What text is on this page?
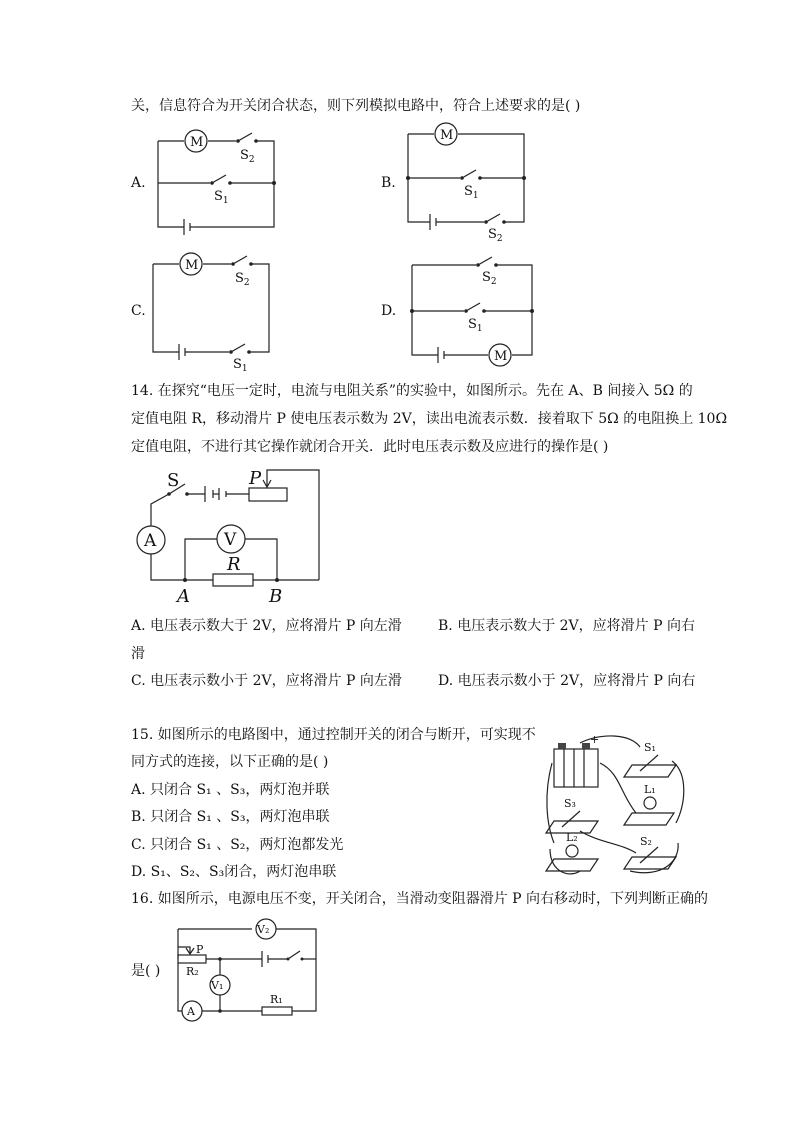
关，信息符合为开关闭合状态，则下列模拟电路中，符合上述要求的是( )
A.	B.
C.	D.
M
$S_2$
$S_1$
M
$S_2$
$S_1$
M
$S_2$
$S_1$
$S_2$
$S_1$
M
14. 在探究“电压一定时，电流与电阻关系”的实验中，如图所示。先在 A、B 间接入 5Ω 的
定值电阻 R，移动滑片 P 使电压表示数为 2V，读出电流表示数．接着取下 5Ω 的电阻换上 10Ω
定值电阻，不进行其它操作就闭合开关．此时电压表示数及应进行的操作是( )
S	P
A	V
R
A	B
A. 电压表示数大于 2V，应将滑片 P 向左滑	B. 电压表示数大于 2V，应将滑片 P 向右
滑
C. 电压表示数小于 2V，应将滑片 P 向左滑	D. 电压表示数小于 2V，应将滑片 P 向右
15. 如图所示的电路图中，通过控制开关的闭合与断开，可实现不
同方式的连接，以下正确的是( )
A. 只闭合 S₁ 、S₃，两灯泡并联
B. 只闭合 S₁ 、S₃，两灯泡串联
C. 只闭合 S₁ 、S₂，两灯泡都发光
D. S₁、S₂、S₃闭合，两灯泡串联
+
S₁
L₁
S₃
L₂	S₂
16. 如图所示，电源电压不变，开关闭合，当滑动变阻器滑片 P 向右移动时，下列判断正确的
是( )
V₂
P
R₂
V₁
A
R₁
